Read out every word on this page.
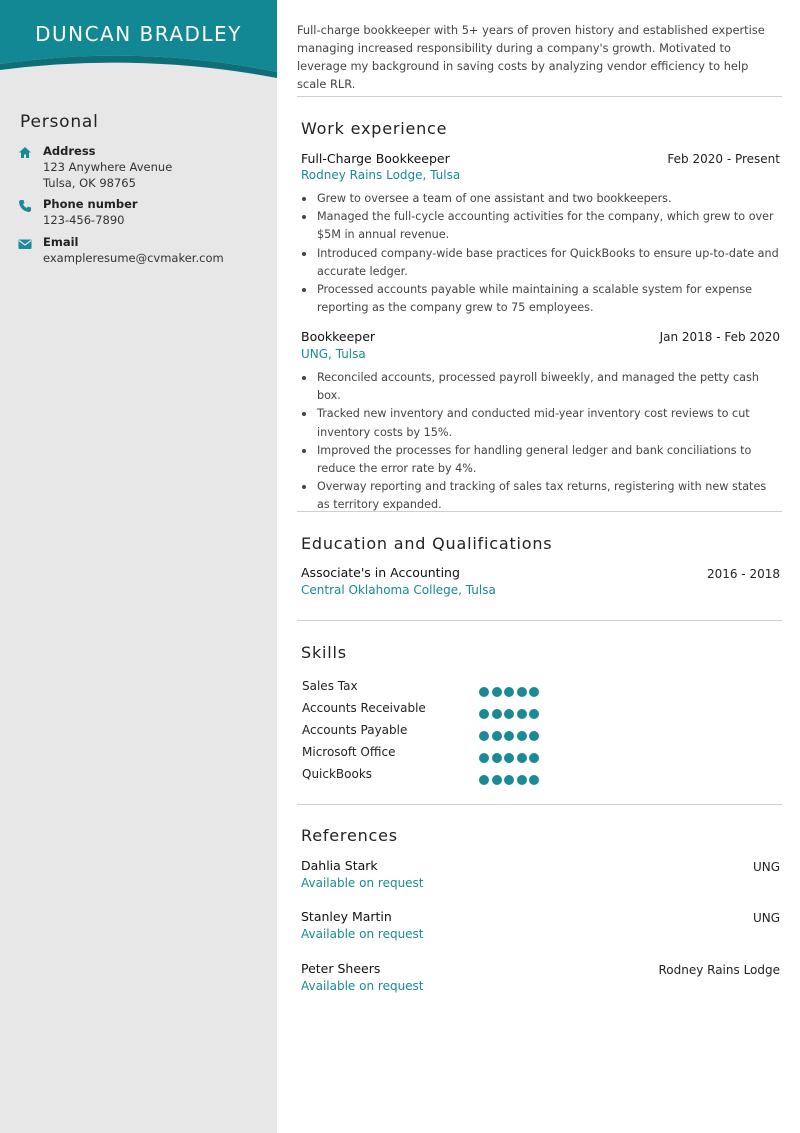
DUNCAN BRADLEY
Personal
Address
123 Anywhere Avenue
Tulsa, OK 98765
Phone number
123-456-7890
Email
exampleresume@cvmaker.com
Full-charge bookkeeper with 5+ years of proven history and established expertise managing increased responsibility during a company's growth. Motivated to leverage my background in saving costs by analyzing vendor efficiency to help scale RLR.
Work experience
Full-Charge Bookkeeper	Feb 2020 - Present
Rodney Rains Lodge, Tulsa
Grew to oversee a team of one assistant and two bookkeepers.
Managed the full-cycle accounting activities for the company, which grew to over $5M in annual revenue.
Introduced company-wide base practices for QuickBooks to ensure up-to-date and accurate ledger.
Processed accounts payable while maintaining a scalable system for expense reporting as the company grew to 75 employees.
Bookkeeper	Jan 2018 - Feb 2020
UNG, Tulsa
Reconciled accounts, processed payroll biweekly, and managed the petty cash box.
Tracked new inventory and conducted mid-year inventory cost reviews to cut inventory costs by 15%.
Improved the processes for handling general ledger and bank conciliations to reduce the error rate by 4%.
Overway reporting and tracking of sales tax returns, registering with new states as territory expanded.
Education and Qualifications
Associate's in Accounting	2016 - 2018
Central Oklahoma College, Tulsa
Skills
Sales Tax
Accounts Receivable
Accounts Payable
Microsoft Office
QuickBooks
References
Dahlia Stark	UNG
Available on request
Stanley Martin	UNG
Available on request
Peter Sheers	Rodney Rains Lodge
Available on request
